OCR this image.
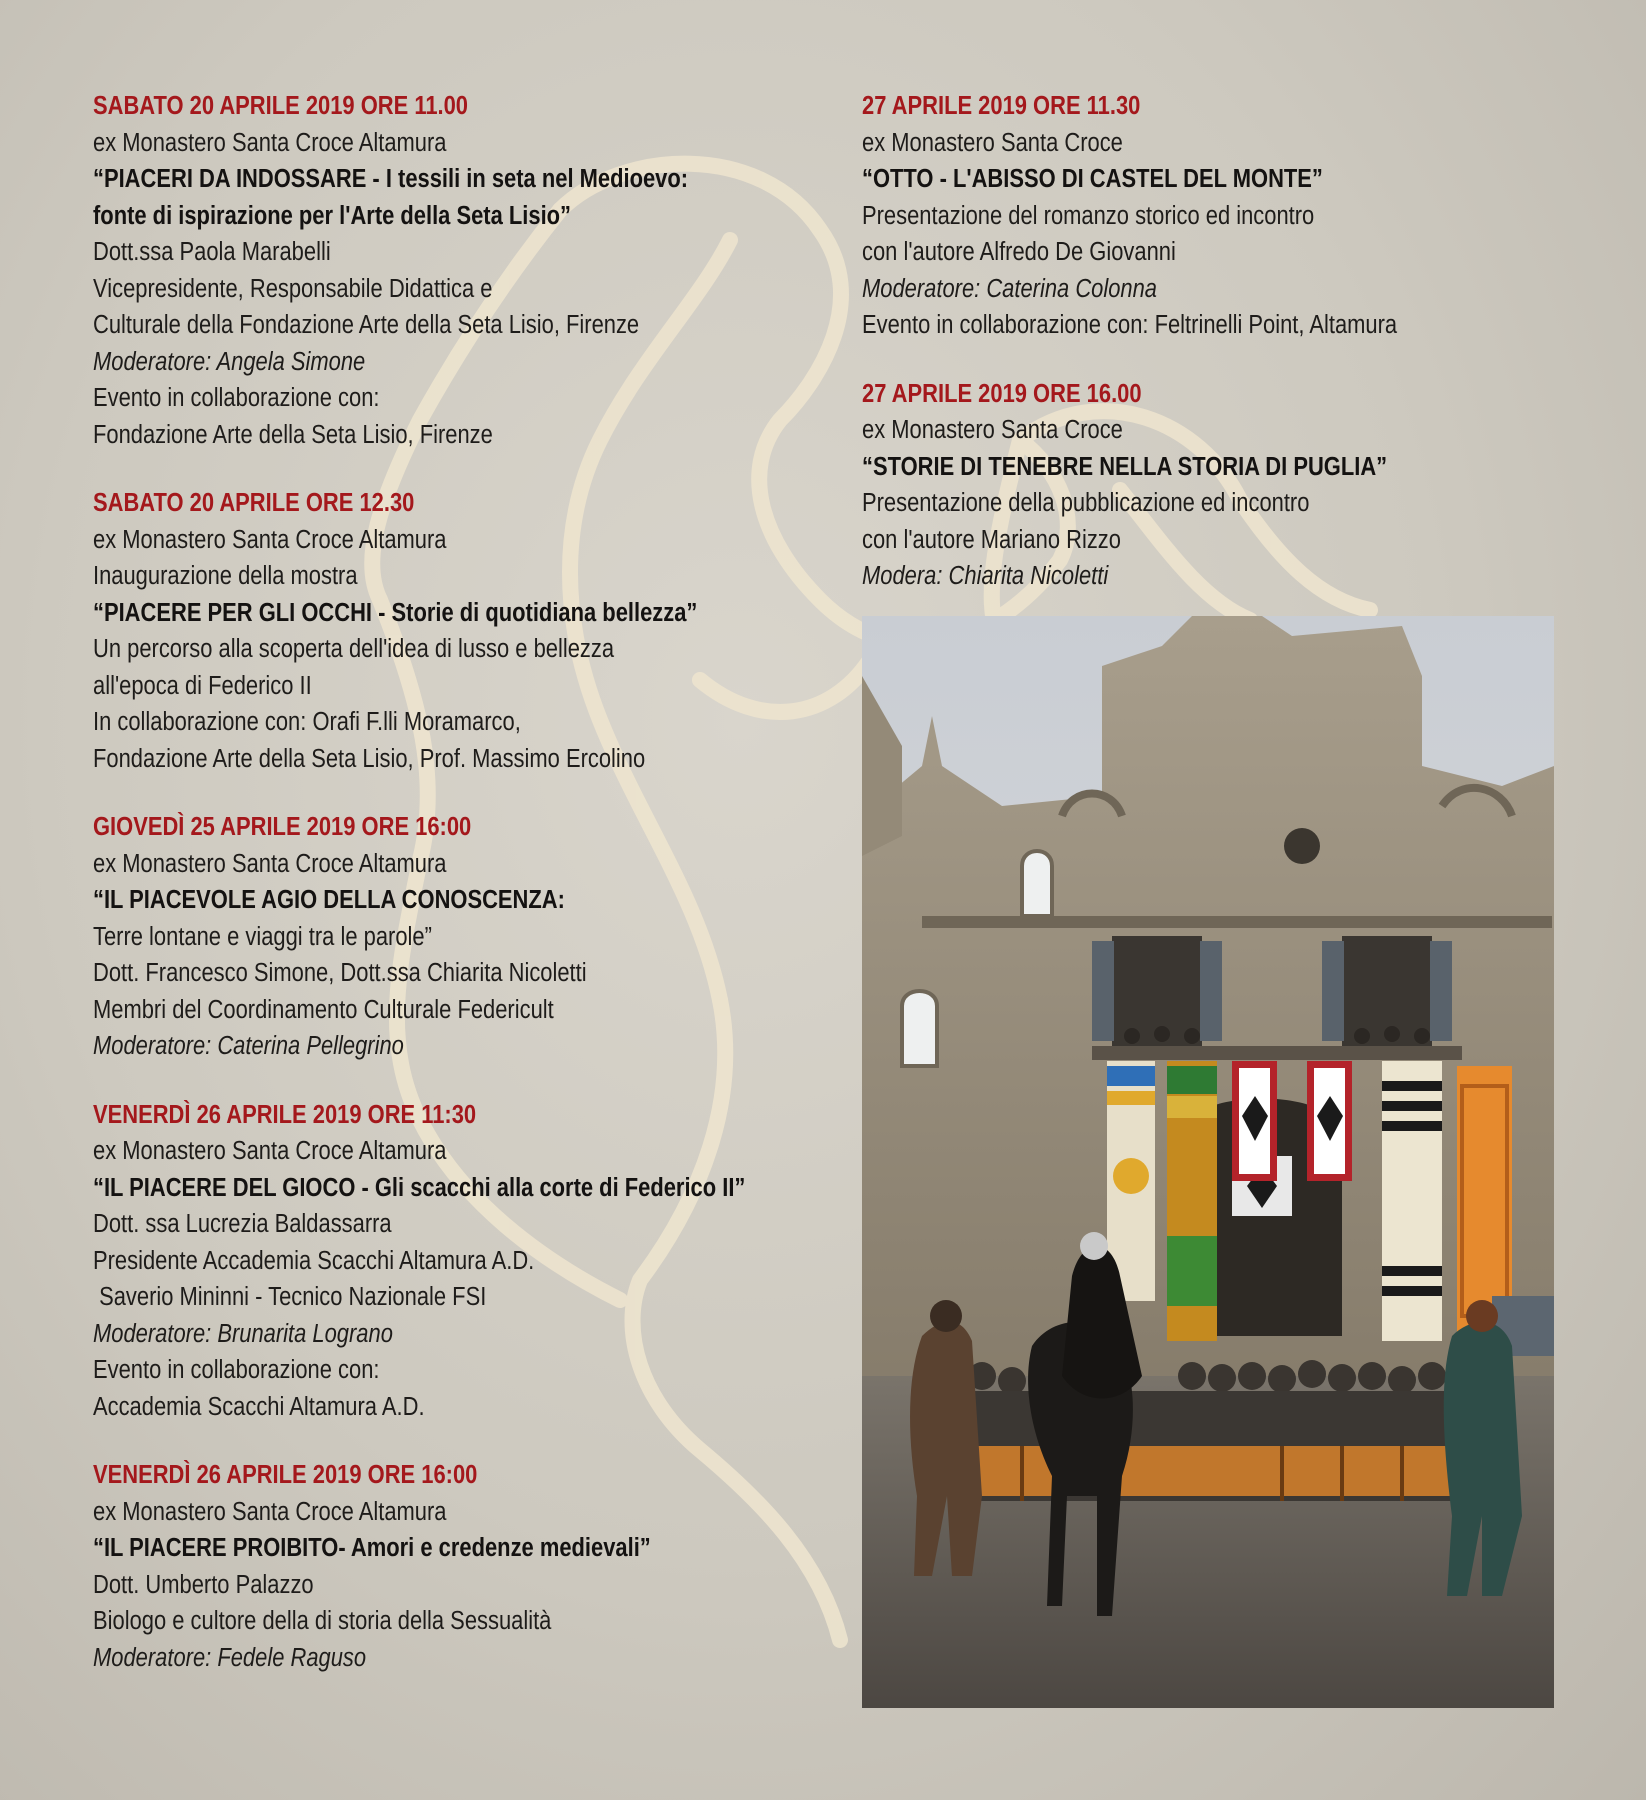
SABATO 20 APRILE 2019 ORE 11.00

ex Monastero Santa Croce Altamura

“PIACERI DA INDOSSARE - I tessili in seta nel Medioevo:

fonte di ispirazione per l'Arte della Seta Lisio”

Dott.ssa Paola Marabelli

Vicepresidente, Responsabile Didattica e

Culturale della Fondazione Arte della Seta Lisio, Firenze

Moderatore: Angela Simone

Evento in collaborazione con:

Fondazione Arte della Seta Lisio, Firenze

SABATO 20 APRILE ORE 12.30

ex Monastero Santa Croce Altamura

Inaugurazione della mostra

“PIACERE PER GLI OCCHI - Storie di quotidiana bellezza”

Un percorso alla scoperta dell'idea di lusso e bellezza

all'epoca di Federico II

In collaborazione con: Orafi F.lli Moramarco,

Fondazione Arte della Seta Lisio, Prof. Massimo Ercolino

GIOVEDÌ 25 APRILE 2019 ORE 16:00

ex Monastero Santa Croce Altamura

“IL PIACEVOLE AGIO DELLA CONOSCENZA:

Terre lontane e viaggi tra le parole”

Dott. Francesco Simone, Dott.ssa Chiarita Nicoletti

Membri del Coordinamento Culturale Federicult

Moderatore: Caterina Pellegrino

VENERDÌ 26 APRILE 2019 ORE 11:30

ex Monastero Santa Croce Altamura

“IL PIACERE DEL GIOCO - Gli scacchi alla corte di Federico II”

Dott. ssa Lucrezia Baldassarra

Presidente Accademia Scacchi Altamura A.D.

Saverio Mininni - Tecnico Nazionale FSI

Moderatore: Brunarita Lograno

Evento in collaborazione con:

Accademia Scacchi Altamura A.D.

VENERDÌ 26 APRILE 2019 ORE 16:00

ex Monastero Santa Croce Altamura

“IL PIACERE PROIBITO- Amori e credenze medievali”

Dott. Umberto Palazzo

Biologo e cultore della di storia della Sessualità

Moderatore: Fedele Raguso

27 APRILE 2019 ORE 11.30

ex Monastero Santa Croce

“OTTO - L'ABISSO DI CASTEL DEL MONTE”

Presentazione del romanzo storico ed incontro

con l'autore Alfredo De Giovanni

Moderatore: Caterina Colonna

Evento in collaborazione con: Feltrinelli Point, Altamura

27 APRILE 2019 ORE 16.00

ex Monastero Santa Croce

“STORIE DI TENEBRE NELLA STORIA DI PUGLIA”

Presentazione della pubblicazione ed incontro

con l'autore Mariano Rizzo

Modera: Chiarita Nicoletti
